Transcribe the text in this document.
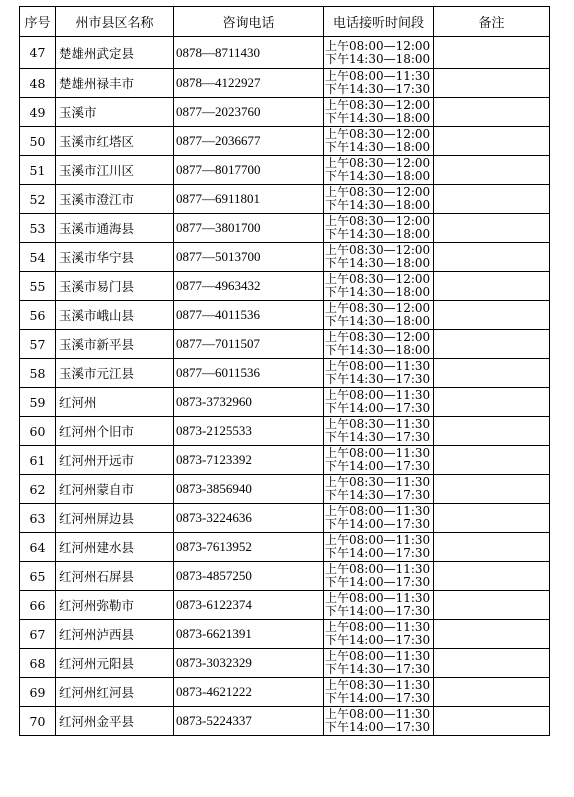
序号	州市县区名称	咨询电话	电话接听时间段	备注
47	楚雄州武定县	0878—8711430	上午08:00—12:00
下午14:30—18:00	

48	楚雄州禄丰市	0878—4122927	上午08:00—11:30
下午14:30—17:30	

49	玉溪市	0877—2023760	上午08:30—12:00
下午14:30—18:00	

50	玉溪市红塔区	0877—2036677	上午08:30—12:00
下午14:30—18:00	

51	玉溪市江川区	0877—8017700	上午08:30—12:00
下午14:30—18:00	

52	玉溪市澄江市	0877—6911801	上午08:30—12:00
下午14:30—18:00	

53	玉溪市通海县	0877—3801700	上午08:30—12:00
下午14:30—18:00	

54	玉溪市华宁县	0877—5013700	上午08:30—12:00
下午14:30—18:00	

55	玉溪市易门县	0877—4963432	上午08:30—12:00
下午14:30—18:00	

56	玉溪市峨山县	0877—4011536	上午08:30—12:00
下午14:30—18:00	

57	玉溪市新平县	0877—7011507	上午08:30—12:00
下午14:30—18:00	

58	玉溪市元江县	0877—6011536	上午08:00—11:30
下午14:30—17:30	

59	红河州	0873-3732960	上午08:00—11:30
下午14:00—17:30	

60	红河州个旧市	0873-2125533	上午08:30—11:30
下午14:30—17:30	

61	红河州开远市	0873-7123392	上午08:00—11:30
下午14:00—17:30	

62	红河州蒙自市	0873-3856940	上午08:30—11:30
下午14:30—17:30	

63	红河州屏边县	0873-3224636	上午08:00—11:30
下午14:00—17:30	

64	红河州建水县	0873-7613952	上午08:00—11:30
下午14:00—17:30	

65	红河州石屏县	0873-4857250	上午08:00—11:30
下午14:00—17:30	

66	红河州弥勒市	0873-6122374	上午08:00—11:30
下午14:00—17:30	

67	红河州泸西县	0873-6621391	上午08:00—11:30
下午14:00—17:30	

68	红河州元阳县	0873-3032329	上午08:00—11:30
下午14:30—17:30	

69	红河州红河县	0873-4621222	上午08:30—11:30
下午14:00—17:30	

70	红河州金平县	0873-5224337	上午08:00—11:30
下午14:00—17:30	
